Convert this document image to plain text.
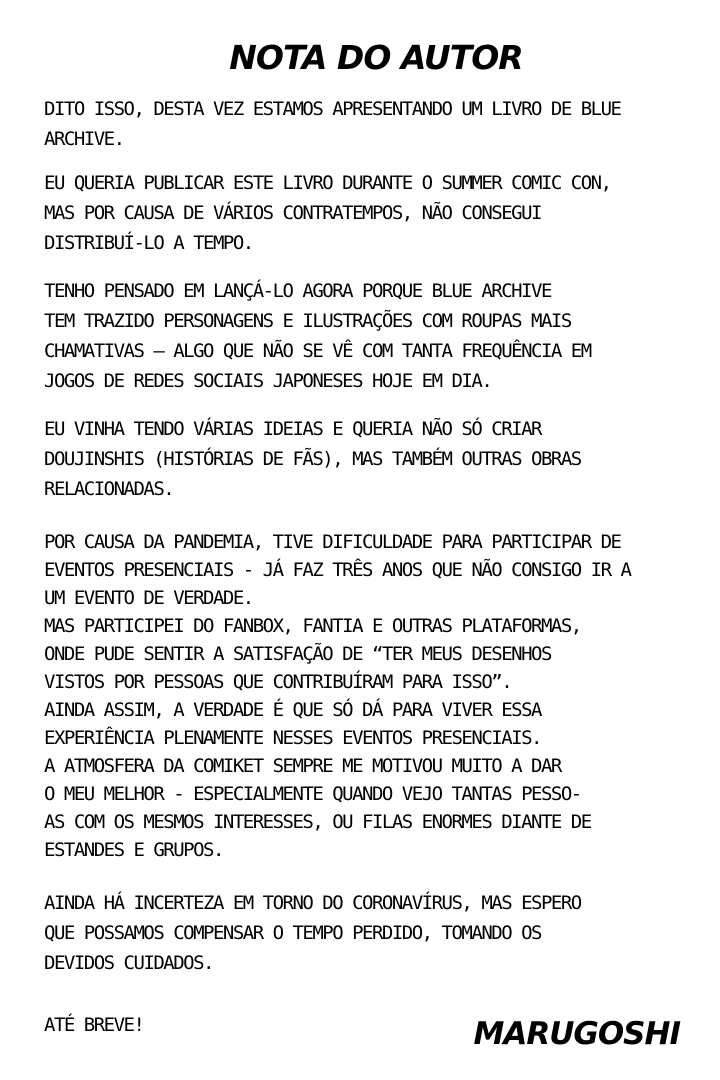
NOTA DO AUTOR

DITO ISSO, DESTA VEZ ESTAMOS APRESENTANDO UM LIVRO DE BLUE
ARCHIVE.

EU QUERIA PUBLICAR ESTE LIVRO DURANTE O SUMMER COMIC CON,
MAS POR CAUSA DE VÁRIOS CONTRATEMPOS, NÃO CONSEGUI
DISTRIBUÍ-LO A TEMPO.

TENHO PENSADO EM LANÇÁ-LO AGORA PORQUE BLUE ARCHIVE
TEM TRAZIDO PERSONAGENS E ILUSTRAÇÕES COM ROUPAS MAIS
CHAMATIVAS – ALGO QUE NÃO SE VÊ COM TANTA FREQUÊNCIA EM
JOGOS DE REDES SOCIAIS JAPONESES HOJE EM DIA.

EU VINHA TENDO VÁRIAS IDEIAS E QUERIA NÃO SÓ CRIAR
DOUJINSHIS (HISTÓRIAS DE FÃS), MAS TAMBÉM OUTRAS OBRAS
RELACIONADAS.

POR CAUSA DA PANDEMIA, TIVE DIFICULDADE PARA PARTICIPAR DE
EVENTOS PRESENCIAIS - JÁ FAZ TRÊS ANOS QUE NÃO CONSIGO IR A
UM EVENTO DE VERDADE.
MAS PARTICIPEI DO FANBOX, FANTIA E OUTRAS PLATAFORMAS,
ONDE PUDE SENTIR A SATISFAÇÃO DE “TER MEUS DESENHOS
VISTOS POR PESSOAS QUE CONTRIBUÍRAM PARA ISSO”.
AINDA ASSIM, A VERDADE É QUE SÓ DÁ PARA VIVER ESSA
EXPERIÊNCIA PLENAMENTE NESSES EVENTOS PRESENCIAIS.
A ATMOSFERA DA COMIKET SEMPRE ME MOTIVOU MUITO A DAR
O MEU MELHOR - ESPECIALMENTE QUANDO VEJO TANTAS PESSO-
AS COM OS MESMOS INTERESSES, OU FILAS ENORMES DIANTE DE
ESTANDES E GRUPOS.

AINDA HÁ INCERTEZA EM TORNO DO CORONAVÍRUS, MAS ESPERO
QUE POSSAMOS COMPENSAR O TEMPO PERDIDO, TOMANDO OS
DEVIDOS CUIDADOS.

ATÉ BREVE!	MARUGOSHI
